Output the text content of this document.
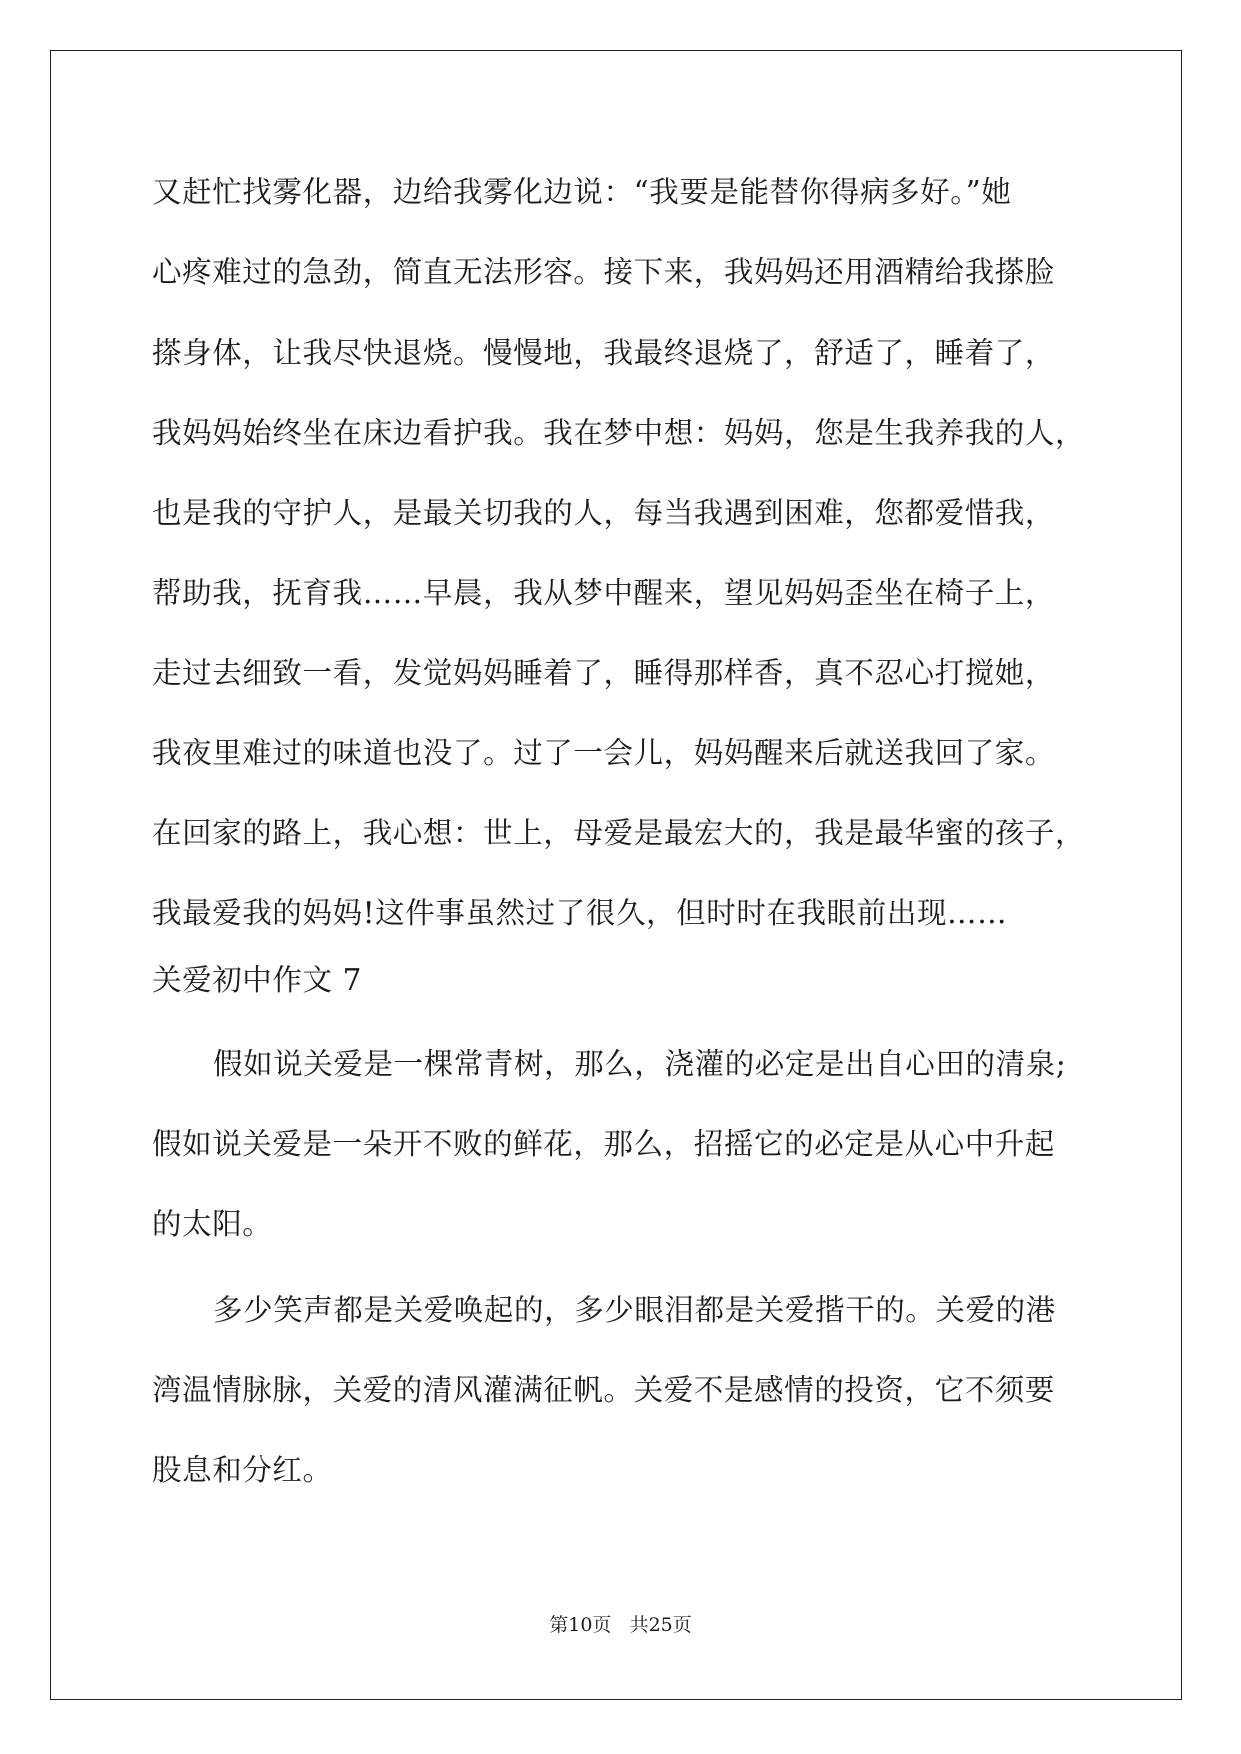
又赶忙找雾化器，边给我雾化边说：“我要是能替你得病多好。”她

心疼难过的急劲，简直无法形容。接下来，我妈妈还用酒精给我搽脸

搽身体，让我尽快退烧。慢慢地，我最终退烧了，舒适了，睡着了，

我妈妈始终坐在床边看护我。我在梦中想：妈妈，您是生我养我的人，

也是我的守护人，是最关切我的人，每当我遇到困难，您都爱惜我，

帮助我，抚育我……早晨，我从梦中醒来，望见妈妈歪坐在椅子上，

走过去细致一看，发觉妈妈睡着了，睡得那样香，真不忍心打搅她，

我夜里难过的味道也没了。过了一会儿，妈妈醒来后就送我回了家。

在回家的路上，我心想：世上，母爱是最宏大的，我是最华蜜的孩子，

我最爱我的妈妈!这件事虽然过了很久，但时时在我眼前出现……

关爱初中作文 7

假如说关爱是一棵常青树，那么，浇灌的必定是出自心田的清泉;

假如说关爱是一朵开不败的鲜花，那么，招摇它的必定是从心中升起

的太阳。

多少笑声都是关爱唤起的，多少眼泪都是关爱揩干的。关爱的港

湾温情脉脉，关爱的清风灌满征帆。关爱不是感情的投资，它不须要

股息和分红。

第10页 共25页
